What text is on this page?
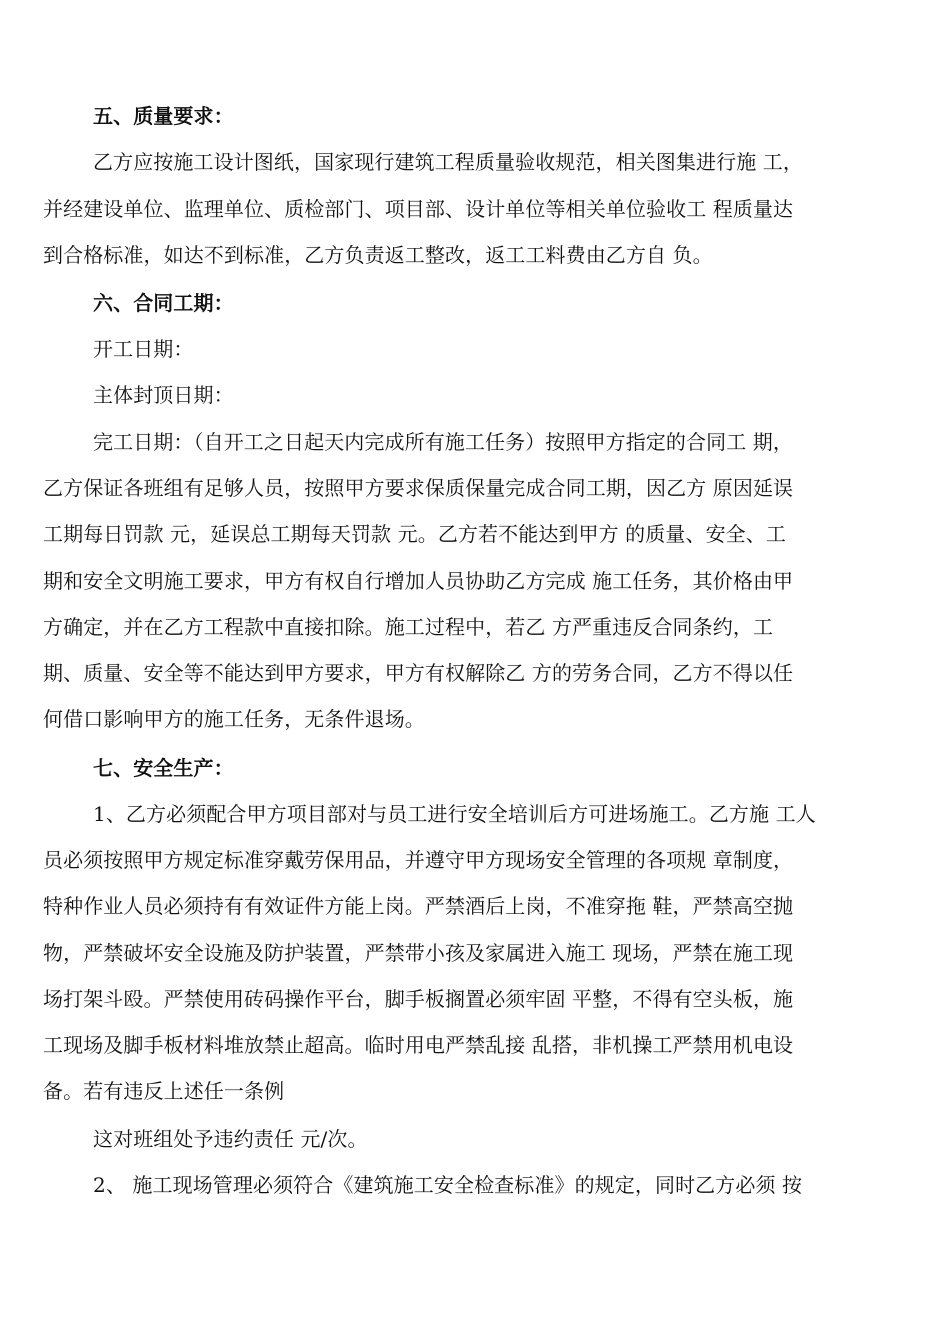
五、质量要求：

乙方应按施工设计图纸，国家现行建筑工程质量验收规范，相关图集进行施 工，

并经建设单位、监理单位、质检部门、项目部、设计单位等相关单位验收工 程质量达

到合格标准，如达不到标准，乙方负责返工整改，返工工料费由乙方自 负。

六、合同工期：

开工日期：

主体封顶日期：

完工日期：（自开工之日起天内完成所有施工任务）按照甲方指定的合同工 期，

乙方保证各班组有足够人员，按照甲方要求保质保量完成合同工期，因乙方 原因延误

工期每日罚款 元，延误总工期每天罚款 元。乙方若不能达到甲方 的质量、安全、工

期和安全文明施工要求，甲方有权自行增加人员协助乙方完成 施工任务，其价格由甲

方确定，并在乙方工程款中直接扣除。施工过程中，若乙 方严重违反合同条约，工

期、质量、安全等不能达到甲方要求，甲方有权解除乙 方的劳务合同，乙方不得以任

何借口影响甲方的施工任务，无条件退场。

七、安全生产：

1、乙方必须配合甲方项目部对与员工进行安全培训后方可进场施工。乙方施 工人

员必须按照甲方规定标准穿戴劳保用品，并遵守甲方现场安全管理的各项规 章制度，

特种作业人员必须持有有效证件方能上岗。严禁酒后上岗，不准穿拖 鞋，严禁高空抛

物，严禁破坏安全设施及防护装置，严禁带小孩及家属进入施工 现场，严禁在施工现

场打架斗殴。严禁使用砖码操作平台，脚手板搁置必须牢固 平整，不得有空头板，施

工现场及脚手板材料堆放禁止超高。临时用电严禁乱接 乱搭，非机操工严禁用机电设

备。若有违反上述任一条例

这对班组处予违约责任 元/次。

2、 施工现场管理必须符合《建筑施工安全检查标准》的规定，同时乙方必须 按
